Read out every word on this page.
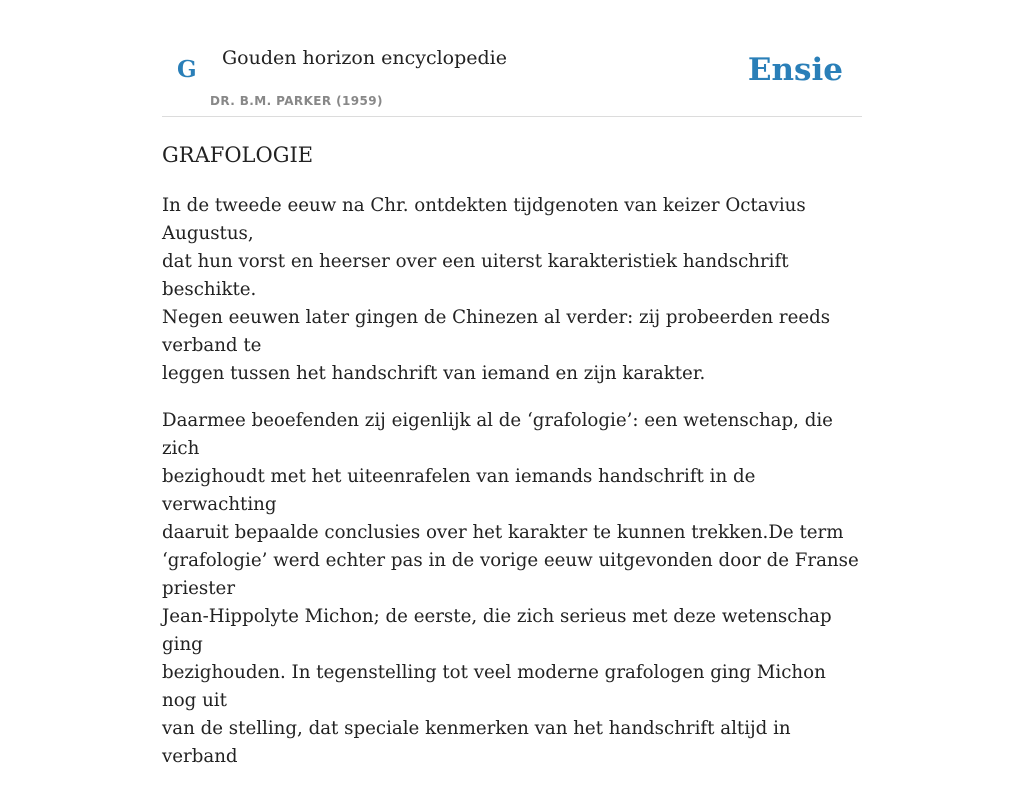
G Gouden horizon encyclopedie
DR. B.M. PARKER (1959)
Ensie
GRAFOLOGIE

In de tweede eeuw na Chr. ontdekten tijdgenoten van keizer Octavius Augustus,
dat hun vorst en heerser over een uiterst karakteristiek handschrift beschikte.
Negen eeuwen later gingen de Chinezen al verder: zij probeerden reeds verband te
leggen tussen het handschrift van iemand en zijn karakter.

Daarmee beoefenden zij eigenlijk al de ‘grafologie’: een wetenschap, die zich
bezighoudt met het uiteenrafelen van iemands handschrift in de verwachting
daaruit bepaalde conclusies over het karakter te kunnen trekken.De term
‘grafologie’ werd echter pas in de vorige eeuw uitgevonden door de Franse priester
Jean-Hippolyte Michon; de eerste, die zich serieus met deze wetenschap ging
bezighouden. In tegenstelling tot veel moderne grafologen ging Michon nog uit
van de stelling, dat speciale kenmerken van het handschrift altijd in verband
